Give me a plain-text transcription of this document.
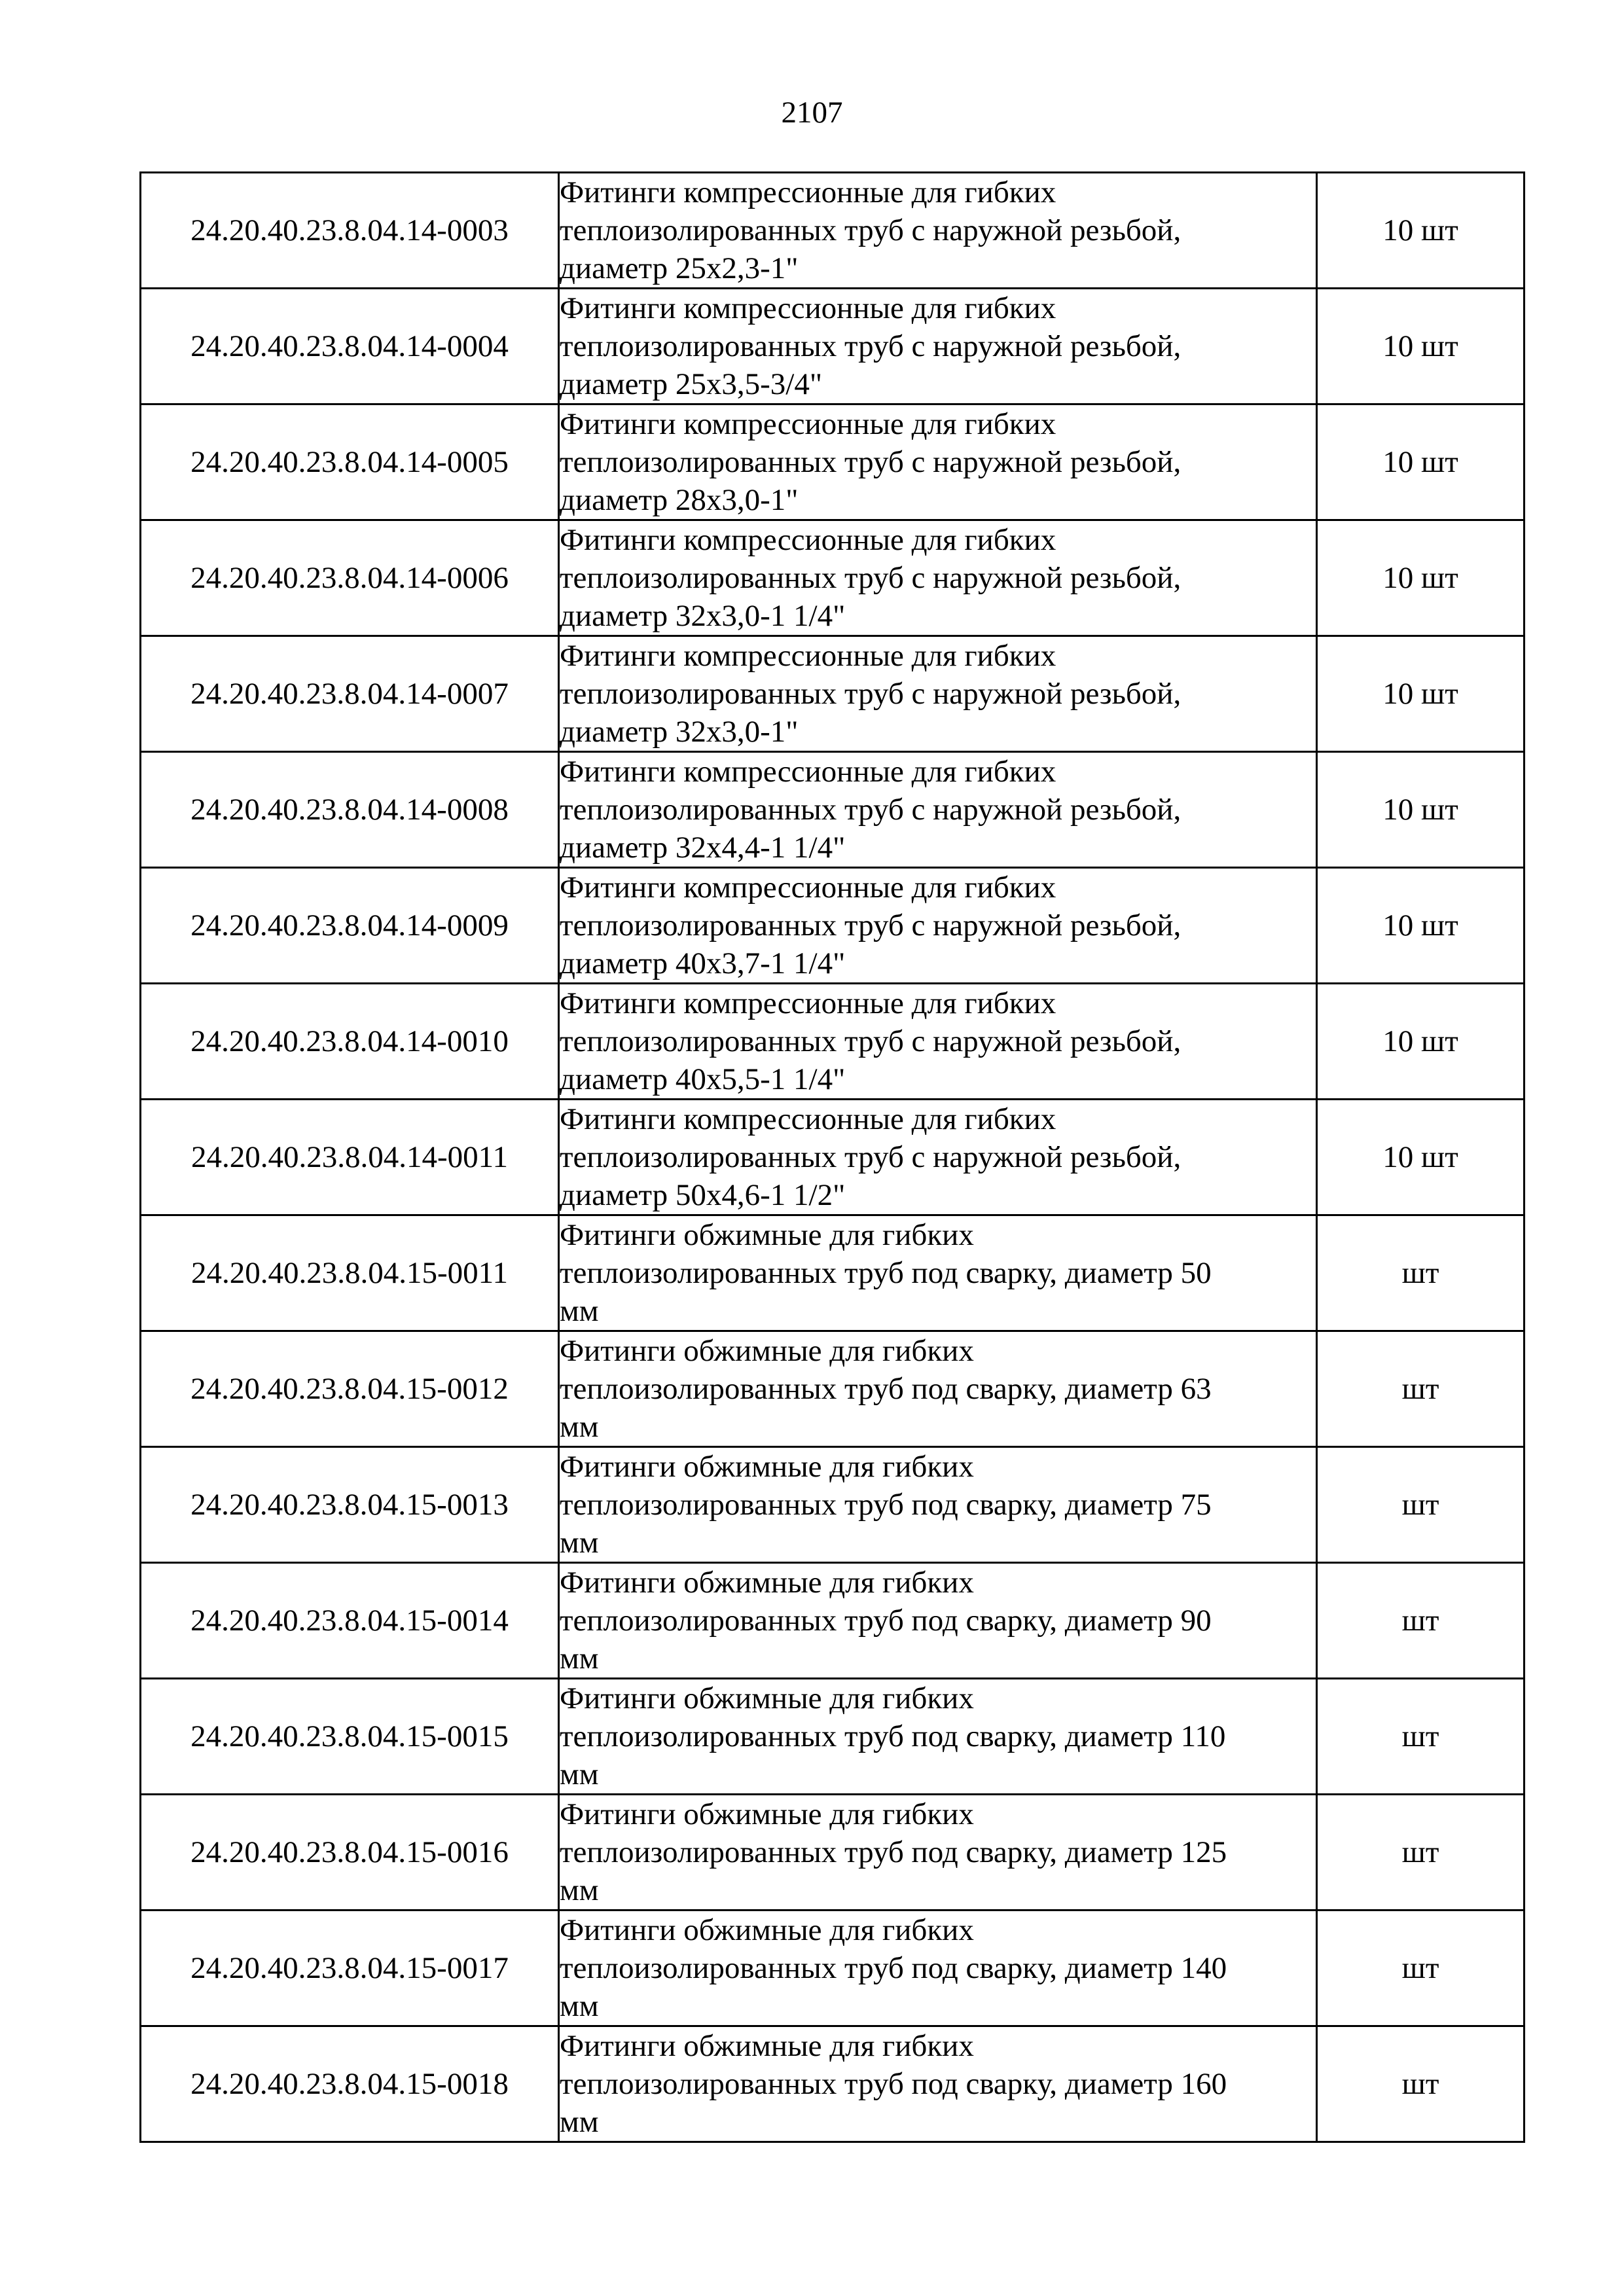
2107
24.20.40.23.8.04.14-0003	Фитинги компрессионные для гибких
теплоизолированных труб с наружной резьбой,
диаметр 25x2,3-1"	10 шт
24.20.40.23.8.04.14-0004	Фитинги компрессионные для гибких
теплоизолированных труб с наружной резьбой,
диаметр 25x3,5-3/4"	10 шт
24.20.40.23.8.04.14-0005	Фитинги компрессионные для гибких
теплоизолированных труб с наружной резьбой,
диаметр 28x3,0-1"	10 шт
24.20.40.23.8.04.14-0006	Фитинги компрессионные для гибких
теплоизолированных труб с наружной резьбой,
диаметр 32x3,0-1 1/4"	10 шт
24.20.40.23.8.04.14-0007	Фитинги компрессионные для гибких
теплоизолированных труб с наружной резьбой,
диаметр 32x3,0-1"	10 шт
24.20.40.23.8.04.14-0008	Фитинги компрессионные для гибких
теплоизолированных труб с наружной резьбой,
диаметр 32x4,4-1 1/4"	10 шт
24.20.40.23.8.04.14-0009	Фитинги компрессионные для гибких
теплоизолированных труб с наружной резьбой,
диаметр 40x3,7-1 1/4"	10 шт
24.20.40.23.8.04.14-0010	Фитинги компрессионные для гибких
теплоизолированных труб с наружной резьбой,
диаметр 40x5,5-1 1/4"	10 шт
24.20.40.23.8.04.14-0011	Фитинги компрессионные для гибких
теплоизолированных труб с наружной резьбой,
диаметр 50x4,6-1 1/2"	10 шт
24.20.40.23.8.04.15-0011	Фитинги обжимные для гибких
теплоизолированных труб под сварку, диаметр 50
мм	шт
24.20.40.23.8.04.15-0012	Фитинги обжимные для гибких
теплоизолированных труб под сварку, диаметр 63
мм	шт
24.20.40.23.8.04.15-0013	Фитинги обжимные для гибких
теплоизолированных труб под сварку, диаметр 75
мм	шт
24.20.40.23.8.04.15-0014	Фитинги обжимные для гибких
теплоизолированных труб под сварку, диаметр 90
мм	шт
24.20.40.23.8.04.15-0015	Фитинги обжимные для гибких
теплоизолированных труб под сварку, диаметр 110
мм	шт
24.20.40.23.8.04.15-0016	Фитинги обжимные для гибких
теплоизолированных труб под сварку, диаметр 125
мм	шт
24.20.40.23.8.04.15-0017	Фитинги обжимные для гибких
теплоизолированных труб под сварку, диаметр 140
мм	шт
24.20.40.23.8.04.15-0018	Фитинги обжимные для гибких
теплоизолированных труб под сварку, диаметр 160
мм	шт
